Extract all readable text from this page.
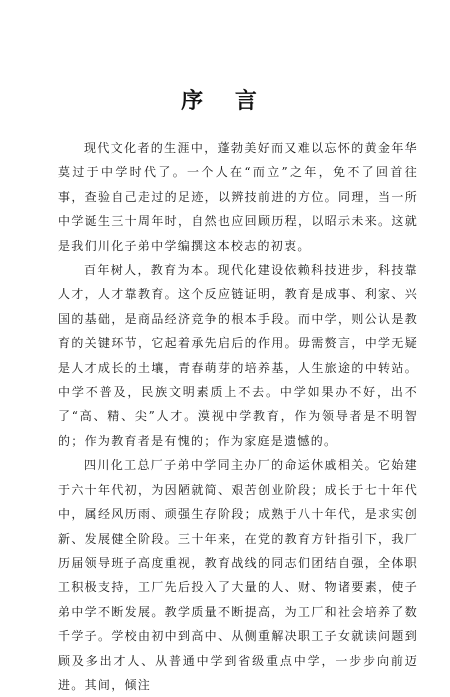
序 言

现代文化者的生涯中，蓬勃美好而又难以忘怀的黄金年华莫过于中学时代了。一个人在“而立”之年，免不了回首往事，查验自己走过的足迹，以辨技前进的方位。同理，当一所中学诞生三十周年时，自然也应回顾历程，以昭示未来。这就是我们川化子弟中学编撰这本校志的初衷。

百年树人，教育为本。现代化建设依赖科技进步，科技靠人才，人才靠教育。这个反应链证明，教育是成事、利家、兴国的基础，是商品经济竞争的根本手段。而中学，则公认是教育的关键环节，它起着承先启后的作用。毋需赘言，中学无疑是人才成长的土壤，青春萌芽的培养基，人生旅途的中转站。中学不普及，民族文明素质上不去。中学如果办不好，出不了“高、精、尖”人才。漠视中学教育，作为领导者是不明智的；作为教育者是有愧的；作为家庭是遗憾的。

四川化工总厂子弟中学同主办厂的命运休戚相关。它始建于六十年代初，为因陋就简、艰苦创业阶段；成长于七十年代中，属经风历雨、顽强生存阶段；成熟于八十年代，是求实创新、发展健全阶段。三十年来，在党的教育方针指引下，我厂历届领导班子高度重视，教育战线的同志们团结自强，全体职工积极支持，工厂先后投入了大量的人、财、物诸要素，使子弟中学不断发展。教学质量不断提高，为工厂和社会培养了数千学子。学校由初中到高中、从侧重解决职工子女就读问题到顾及多出才人、从普通中学到省级重点中学，一步步向前迈进。其间，倾注
